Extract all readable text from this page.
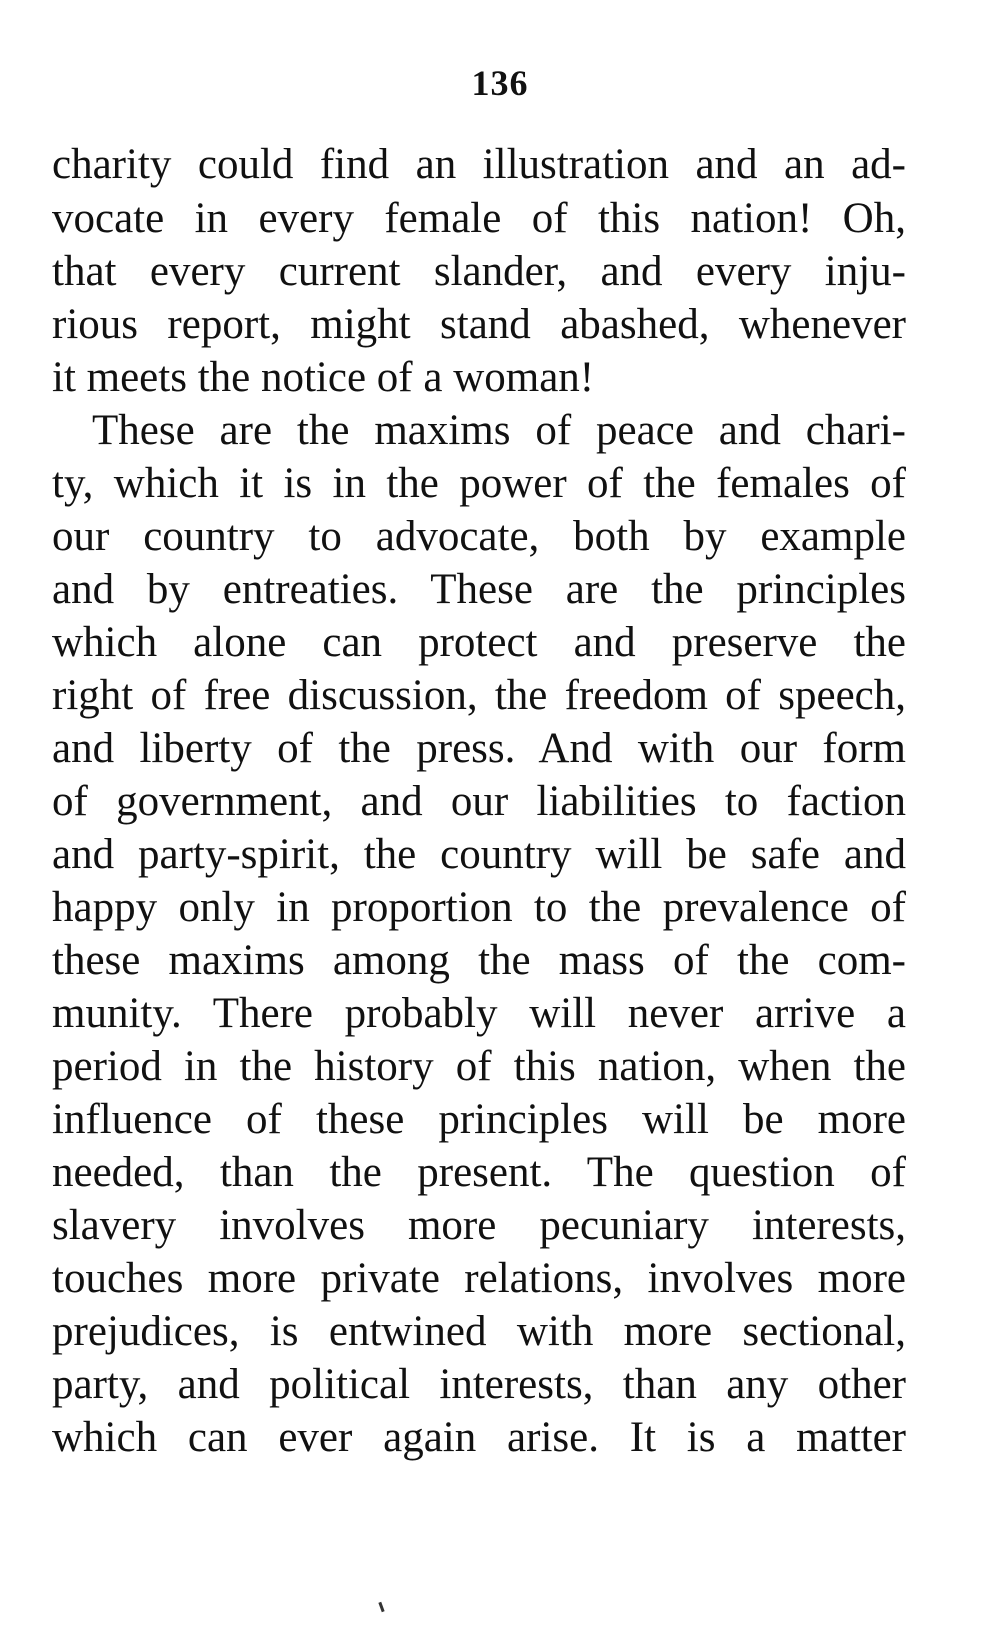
136
charity could find an illustration and an ad-
vocate in every female of this nation! Oh,
that every current slander, and every inju-
rious report, might stand abashed, whenever
it meets the notice of a woman!
These are the maxims of peace and chari-
ty, which it is in the power of the females of
our country to advocate, both by example
and by entreaties. These are the principles
which alone can protect and preserve the
right of free discussion, the freedom of speech,
and liberty of the press. And with our form
of government, and our liabilities to faction
and party-spirit, the country will be safe and
happy only in proportion to the prevalence of
these maxims among the mass of the com-
munity. There probably will never arrive a
period in the history of this nation, when the
influence of these principles will be more
needed, than the present. The question of
slavery involves more pecuniary interests,
touches more private relations, involves more
prejudices, is entwined with more sectional,
party, and political interests, than any other
which can ever again arise. It is a matter
